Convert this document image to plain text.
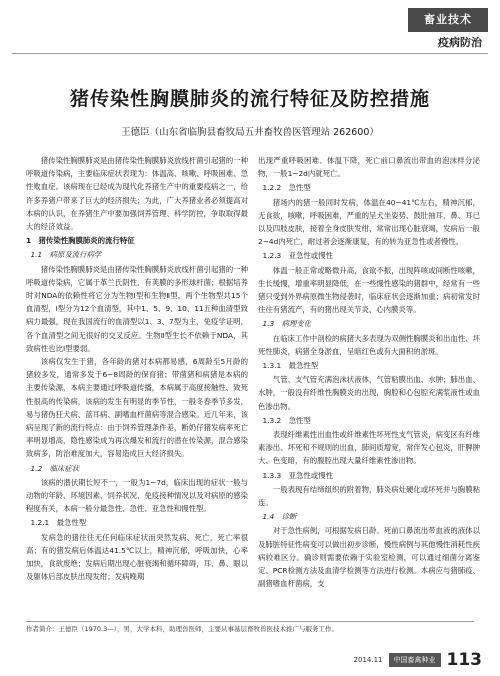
畜业技术
疫病防治
猪传染性胸膜肺炎的流行特征及防控措施
王德臣（山东省临朐县畜牧局五井畜牧兽医管理站 262600）

猪传染性胸膜肺炎是由猪传染性胸膜肺炎放线杆菌引起猪的一种呼吸道传染病，主要临床症状表现为：体温高、咳嗽、呼吸困难、急性败血症。该病现在已经成为现代化养猪生产中的重要疫病之一，给许多养猪户带来了巨大的经济损失；为此，广大养猪业者必须提高对本病的认识，在养猪生产中要加强饲养管理、科学防控，争取取得最大的经济效益。

1　猪传染性胸膜肺炎的流行特征

1.1　病原及流行病学

猪传染性胸膜肺炎是由猪传染性胸膜肺炎放线杆菌引起猪的一种呼吸道传染病，它属于革兰氏阴性、有荚膜的多形球杆菌；根据培养时对NDA的依赖性将它分为生物Ⅰ型和生物Ⅱ型，两个生物型共15个血清型，Ⅰ型分为12个血清型，其中1、5、9、10、11五种血清型致病力最强，现在我国流行的血清型以1、3、7型为主，免疫学证明，各个血清型之间无很好的交叉反应。生物Ⅱ型生长不依赖于NDA，其致病性也比Ⅰ型要弱。

该病仅发生于猪，各年龄的猪对本病都易感，6周龄至5月龄的猪较多发，通常多发于6~8周龄的保育猪；带菌猪和病猪是本病的主要传染源，本病主要通过呼吸道传播，本病属于高度接触性、致死性很高的传染病，该病的发生有明显的季节性，一般冬春季节多发，易与猪伪狂犬病、蓝耳病、副嗜血杆菌病等混合感染。近几年来，该病呈现了新的流行特点：由于饲养管理条件差，断奶仔猪发病率死亡率明显增高，隐性感染成为再次爆发和流行的潜在传染源，混合感染致病多，防治难度加大，容易造成巨大经济损失。

1.2　临床症状

该病的潜伏期长短不一，一般为1~7d，临床出现的症状一般与动物的年龄、环境因素、饲养状况、免疫接种情况以及对病原的感染程度有关，本病一般分最急性、急性、亚急性和慢性型。

1.2.1　最急性型

发病急的猪往往无任何临床症状而突然发病、死亡，死亡率很高；有的猪发病后体温达41.5℃以上，精神沉郁，呼吸加快，心率加快，食欲废绝；发病后期出现心脏衰竭和循环障碍，耳、鼻、眼以及躯体后部皮肤出现发绀；发病晚期

出现严重呼吸困难、体温下降，死亡前口鼻流出带血的泡沫样分泌物，一般1~2d内就死亡。

1.2.2　急性型

猪场内的猪一般同时发病，体温在40~41℃左右，精神沉郁，无食欲，咳嗽，呼吸困难，严重的呈犬坐姿势，鼓肚抽耳，鼻、耳已以及四肢皮肤，接着全身皮肤发绀，常常出现心脏衰竭，发病后一般2~4d内死亡，耐过者会逐渐康复，有的转为亚急性或者慢性。

1.2.3　亚急性或慢性

体温一般正常或略微升高，食欲不振，出现阵咳或间断性咳嗽，生长缓慢，增重率明显降低，在一些慢性感染的猪群中，经常有一些猪只受到外界病原微生物侵袭时，临床症状会逐渐加重；病初常发时往往有猪流产，有的猪出现关节炎、心内膜炎等。

1.3　病理变化

在临床工作中剖检的病猪大多表现为双侧性胸膜炎和出血性、坏死性肺炎，病猪全身淤血，呈暗红色或有大面积的淤斑。

1.3.1　最急性型

气管、支气管充满泡沫状液体，气管粘膜出血、水肿；肺出血、水肿，一般没有纤维性胸膜炎的出现，胸腔和心包腔充满浆液性或血色渗出物。

1.3.2　急性型

表现纤维素性出血性或纤维素性坏死性支气管炎，病变区有纤维素渗出、坏死和不规则的出血，肺间质增宽，常伴发心包炎，肝脾肿大、色变暗，有的腹腔出现大量纤维素性渗出物。

1.3.3　亚急性或慢性

一般表现有结缔组织的附着物，肺炎病灶硬化或坏死并与胸膜粘连。

1.4　诊断

对于急性病例，可根据发病日龄、死前口鼻流出带血液的液体以及肺脏特征性病变可以做出初步诊断，慢性病例与其他慢性消耗性疾病较难区分。确诊则需要依赖于实验室检测，可以通过细菌分离鉴定、PCR检测方法及血清学检测等方法进行检测。本病应与猪肺疫、副猪嗜血杆菌病，支

作者简介：王德臣（1970.3—），男，大学本科，助理兽医师，主要从事基层畜牧兽医技术推广与服务工作。
2014.11	中国畜禽种业 113
